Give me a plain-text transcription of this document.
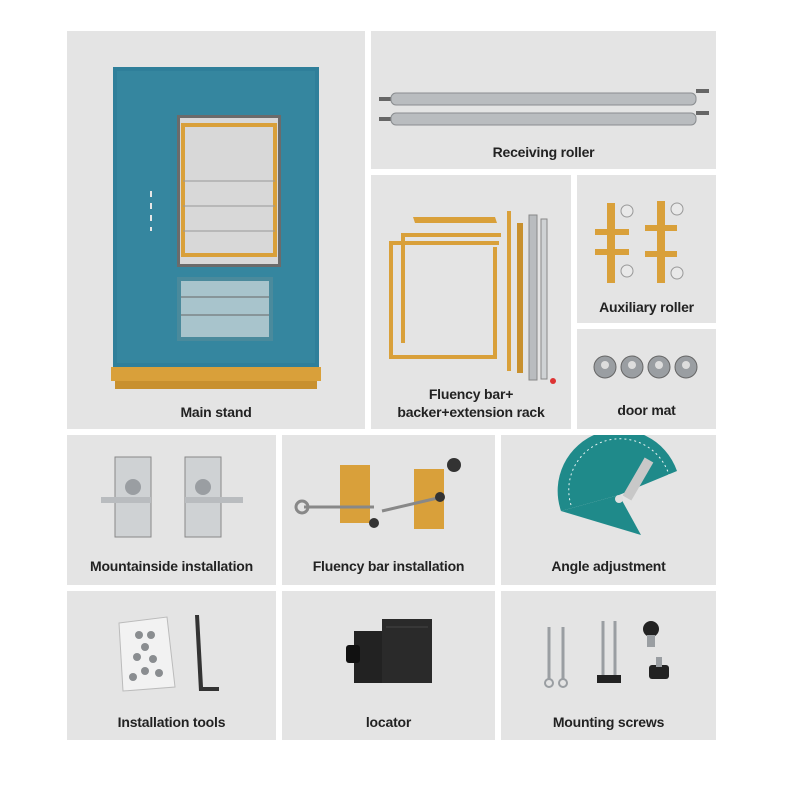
Main stand
Receiving roller
Fluency bar+
backer+extension rack
Auxiliary roller
door mat
Mountainside installation	Fluency bar installation	Angle adjustment
Installation tools	locator	Mounting screws
